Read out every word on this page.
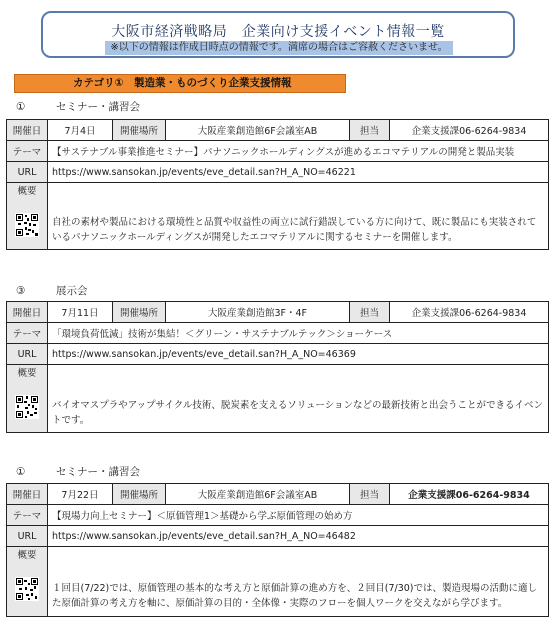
大阪市経済戦略局　企業向け支援イベント情報一覧
※以下の情報は作成日時点の情報です。満席の場合はご容赦くださいませ。
カテゴリ①　製造業・ものづくり企業支援情報
①	セミナー・講習会
開催日	7月4日	開催場所	大阪産業創造館6F会議室AB	担当	企業支援課06-6264-9834
テーマ	【サステナブル事業推進セミナー】パナソニックホールディングスが進めるエコマテリアルの開発と製品実装				
URL	https://www.sansokan.jp/events/eve_detail.san?H_A_NO=46221				

概要	自社の素材や製品における環境性と品質や収益性の両立に試行錯誤している方に向けて、既に製品にも実装されているパナソニックホールディングスが開発したエコマテリアルに関するセミナーを開催します。				
③	展示会
開催日	7月11日	開催場所	大阪産業創造館3F・4F	担当	企業支援課06-6264-9834
テーマ	「環境負荷低減」技術が集結！＜グリーン・サステナブルテック＞ショーケース				
URL	https://www.sansokan.jp/events/eve_detail.san?H_A_NO=46369				

概要	バイオマスプラやアップサイクル技術、脱炭素を支えるソリューションなどの最新技術と出会うことができるイベントです。				
①	セミナー・講習会
開催日	7月22日	開催場所	大阪産業創造館6F会議室AB	担当	企業支援課06-6264-9834
テーマ	【現場力向上セミナー】＜原価管理1＞基礎から学ぶ原価管理の始め方				
URL	https://www.sansokan.jp/events/eve_detail.san?H_A_NO=46482				

概要	１回目(7/22)では、原価管理の基本的な考え方と原価計算の進め方を、２回目(7/30)では、製造現場の活動に適した原価計算の考え方を軸に、原価計算の目的・全体像・実際のフローを個人ワークを交えながら学びます。				
